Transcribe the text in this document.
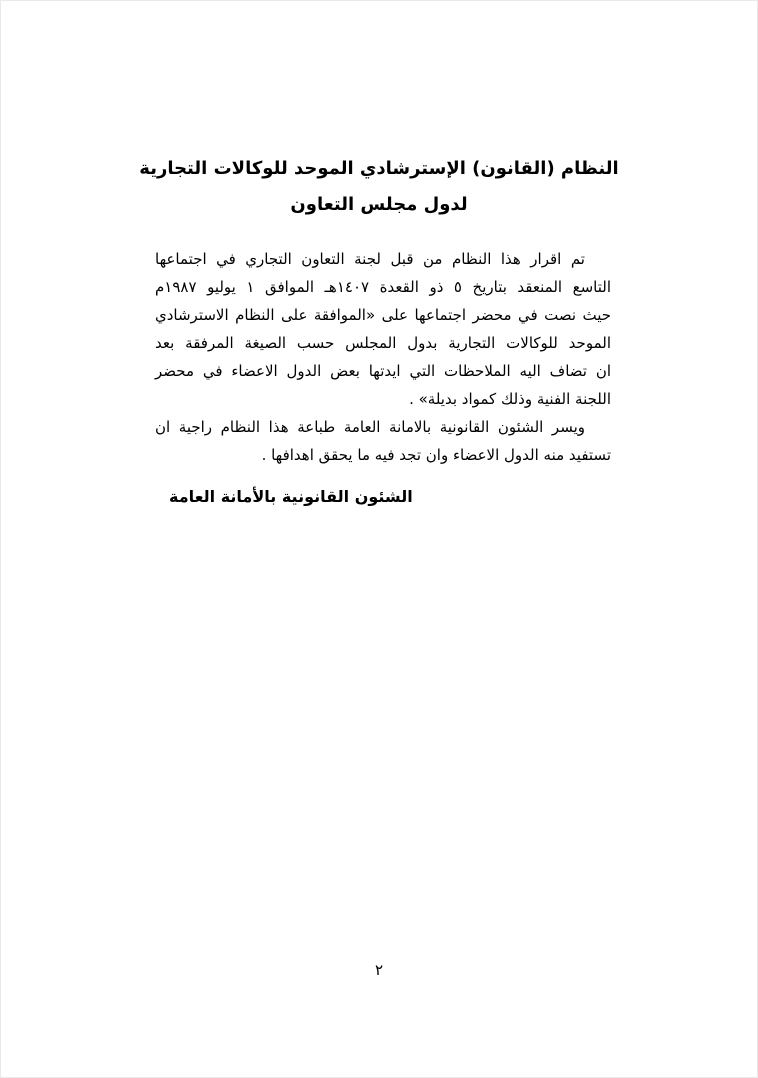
النظام (القانون) الإسترشادي الموحد للوكالات التجارية
لدول مجلس التعاون

تم اقرار هذا النظام من قبل لجنة التعاون التجاري في اجتماعها
التاسع المنعقد بتاريخ ٥ ذو القعدة ١٤٠٧هـ الموافق ١ يوليو ١٩٨٧م
حيث نصت في محضر اجتماعها على «الموافقة على النظام الاسترشادي
الموحد للوكالات التجارية بدول المجلس حسب الصيغة المرفقة بعد
ان تضاف اليه الملاحظات التي ايدتها بعض الدول الاعضاء في محضر
اللجنة الفنية وذلك كمواد بديلة» .

ويسر الشئون القانونية بالامانة العامة طباعة هذا النظام راجية ان
تستفيد منه الدول الاعضاء وان تجد فيه ما يحقق اهدافها .

الشئون القانونية بالأمانة العامة
٢
